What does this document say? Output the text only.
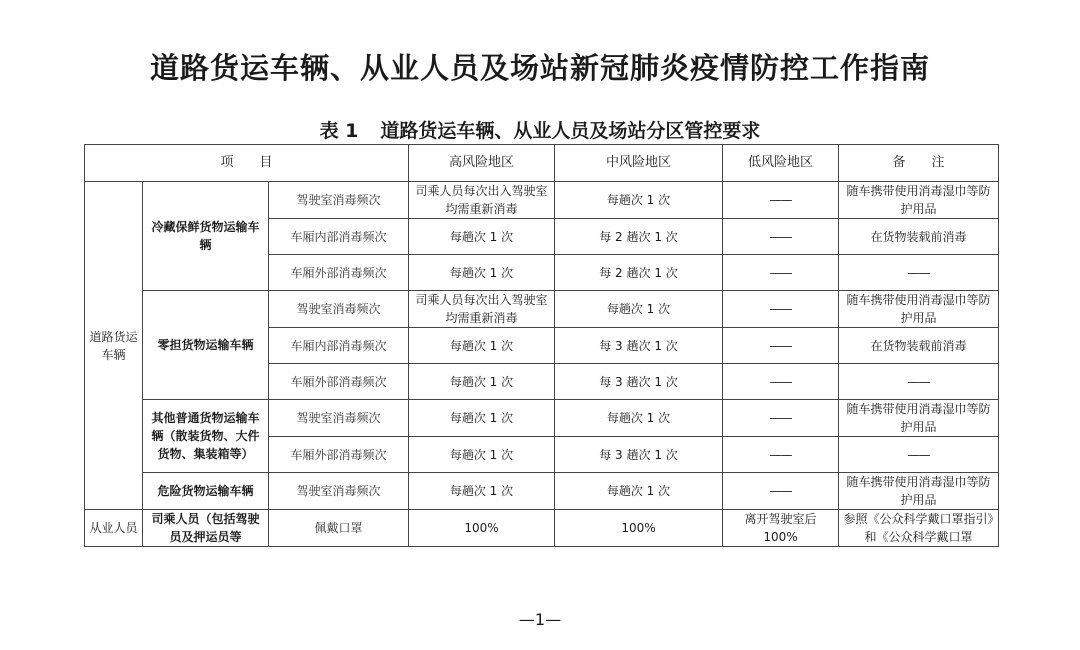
道路货运车辆、从业人员及场站新冠肺炎疫情防控工作指南
表 1 道路货运车辆、从业人员及场站分区管控要求
项　　目			高风险地区	中风险地区	低风险地区	备　　注
道路货运车辆	冷藏保鲜货物运输车辆	驾驶室消毒频次	司乘人员每次出入驾驶室均需重新消毒	每趟次 1 次	——	随车携带使用消毒湿巾等防护用品
		车厢内部消毒频次	每趟次 1 次	每 2 趟次 1 次	——	在货物装载前消毒
		车厢外部消毒频次	每趟次 1 次	每 2 趟次 1 次	——	——
	零担货物运输车辆	驾驶室消毒频次	司乘人员每次出入驾驶室均需重新消毒	每趟次 1 次	——	随车携带使用消毒湿巾等防护用品
		车厢内部消毒频次	每趟次 1 次	每 3 趟次 1 次	——	在货物装载前消毒
		车厢外部消毒频次	每趟次 1 次	每 3 趟次 1 次	——	——
	其他普通货物运输车辆（散装货物、大件货物、集装箱等）	驾驶室消毒频次	每趟次 1 次	每趟次 1 次	——	随车携带使用消毒湿巾等防护用品
		车厢外部消毒频次	每趟次 1 次	每 3 趟次 1 次	——	——
	危险货物运输车辆	驾驶室消毒频次	每趟次 1 次	每趟次 1 次	——	随车携带使用消毒湿巾等防护用品
从业人员	司乘人员（包括驾驶员及押运员等	佩戴口罩	100%	100%	离开驾驶室后 100%	参照《公众科学戴口罩指引》和《公众科学戴口罩
—1—
